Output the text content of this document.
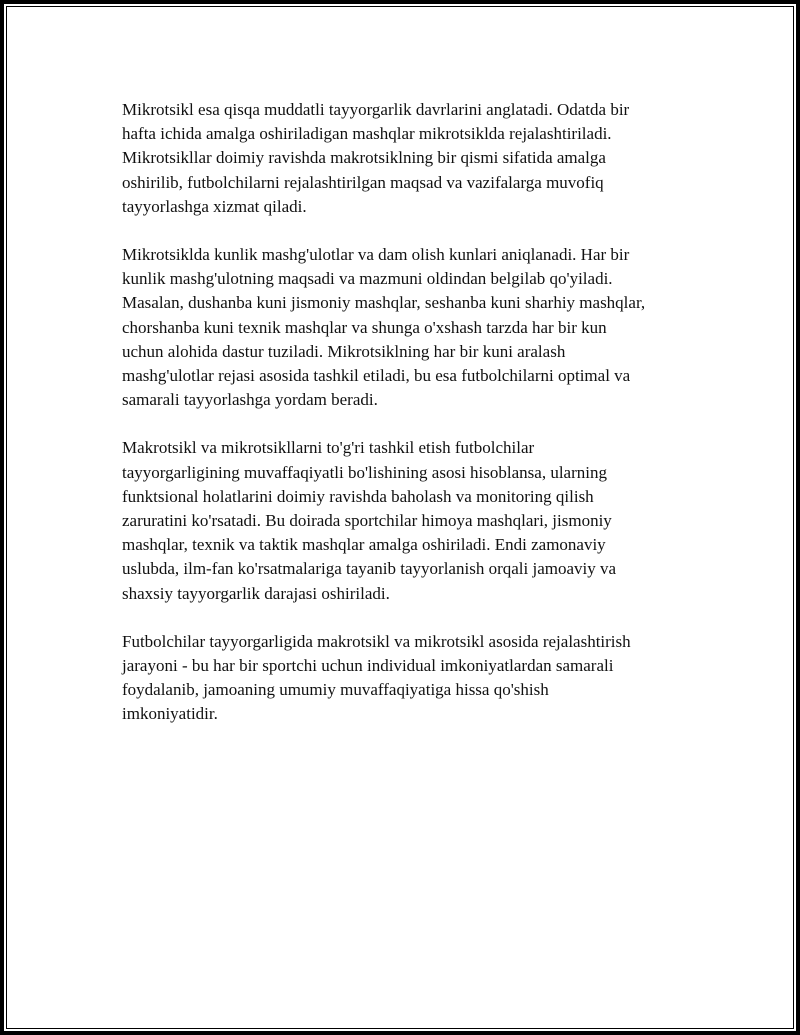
Mikrotsikl esa qisqa muddatli tayyorgarlik davrlarini anglatadi. Odatda bir
hafta ichida amalga oshiriladigan mashqlar mikrotsiklda rejalashtiriladi.
Mikrotsikllar doimiy ravishda makrotsiklning bir qismi sifatida amalga
oshirilib, futbolchilarni rejalashtirilgan maqsad va vazifalarga muvofiq
tayyorlashga xizmat qiladi.

Mikrotsiklda kunlik mashg'ulotlar va dam olish kunlari aniqlanadi. Har bir
kunlik mashg'ulotning maqsadi va mazmuni oldindan belgilab qo'yiladi.
Masalan, dushanba kuni jismoniy mashqlar, seshanba kuni sharhiy mashqlar,
chorshanba kuni texnik mashqlar va shunga o'xshash tarzda har bir kun
uchun alohida dastur tuziladi. Mikrotsiklning har bir kuni aralash
mashg'ulotlar rejasi asosida tashkil etiladi, bu esa futbolchilarni optimal va
samarali tayyorlashga yordam beradi.

Makrotsikl va mikrotsikllarni to'g'ri tashkil etish futbolchilar
tayyorgarligining muvaffaqiyatli bo'lishining asosi hisoblansa, ularning
funktsional holatlarini doimiy ravishda baholash va monitoring qilish
zaruratini ko'rsatadi. Bu doirada sportchilar himoya mashqlari, jismoniy
mashqlar, texnik va taktik mashqlar amalga oshiriladi. Endi zamonaviy
uslubda, ilm-fan ko'rsatmalariga tayanib tayyorlanish orqali jamoaviy va
shaxsiy tayyorgarlik darajasi oshiriladi.

Futbolchilar tayyorgarligida makrotsikl va mikrotsikl asosida rejalashtirish
jarayoni - bu har bir sportchi uchun individual imkoniyatlardan samarali
foydalanib, jamoaning umumiy muvaffaqiyatiga hissa qo'shish
imkoniyatidir.
